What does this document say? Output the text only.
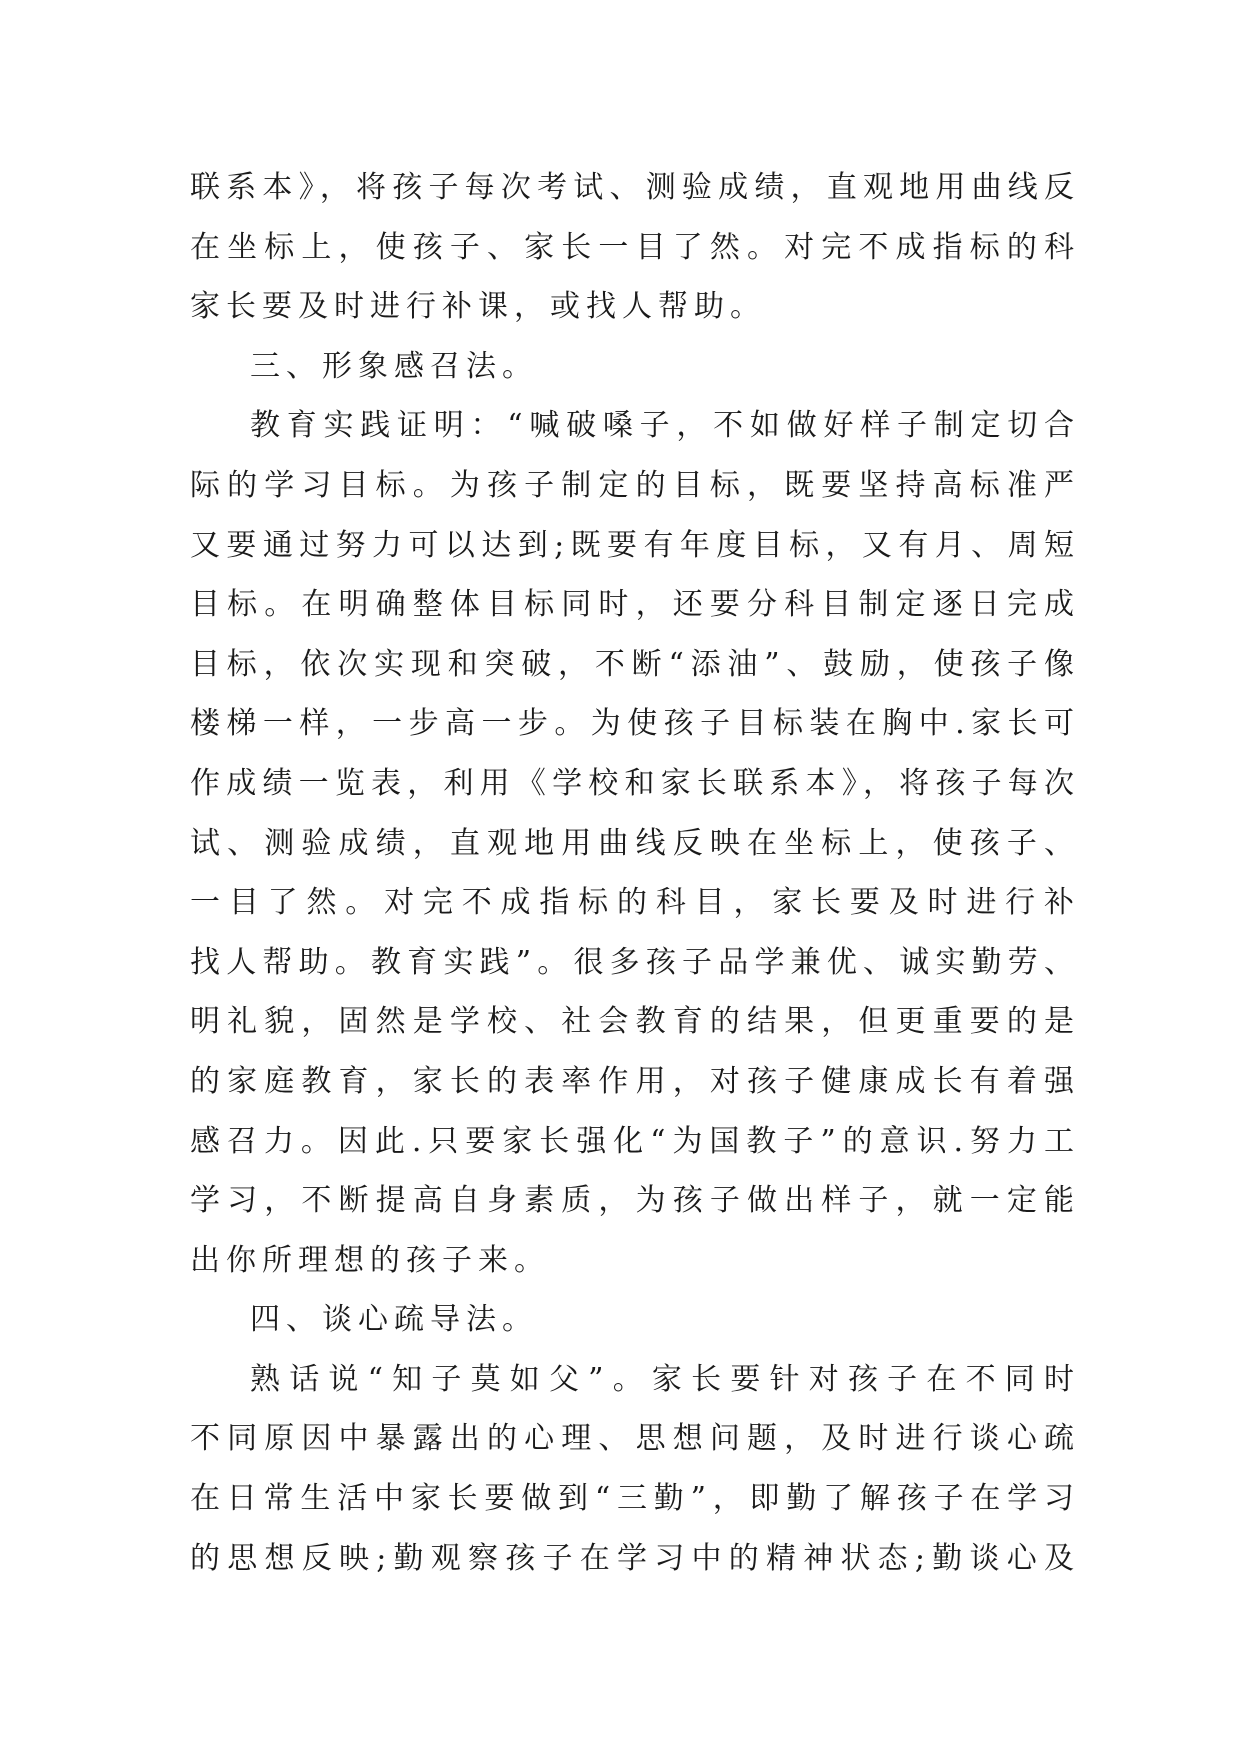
联系本》，将孩子每次考试、测验成绩，直观地用曲线反
在坐标上，使孩子、家长一目了然。对完不成指标的科
家长要及时进行补课，或找人帮助。

三、形象感召法。

教育实践证明：“喊破嗓子，不如做好样子制定切合
际的学习目标。为孩子制定的目标，既要坚持高标准严
又要通过努力可以达到;既要有年度目标，又有月、周短
目标。在明确整体目标同时，还要分科目制定逐日完成
目标，依次实现和突破，不断“添油”、鼓励，使孩子像
楼梯一样，一步高一步。为使孩子目标装在胸中.家长可
作成绩一览表，利用《学校和家长联系本》，将孩子每次
试、测验成绩，直观地用曲线反映在坐标上，使孩子、
一目了然。对完不成指标的科目，家长要及时进行补
找人帮助。教育实践”。很多孩子品学兼优、诚实勤劳、
明礼貌，固然是学校、社会教育的结果，但更重要的是
的家庭教育，家长的表率作用，对孩子健康成长有着强
感召力。因此.只要家长强化“为国教子”的意识.努力工
学习，不断提高自身素质，为孩子做出样子，就一定能
出你所理想的孩子来。

四、谈心疏导法。

熟话说“知子莫如父”。家长要针对孩子在不同时
不同原因中暴露出的心理、思想问题，及时进行谈心疏
在日常生活中家长要做到“三勤”，即勤了解孩子在学习
的思想反映;勤观察孩子在学习中的精神状态;勤谈心及
